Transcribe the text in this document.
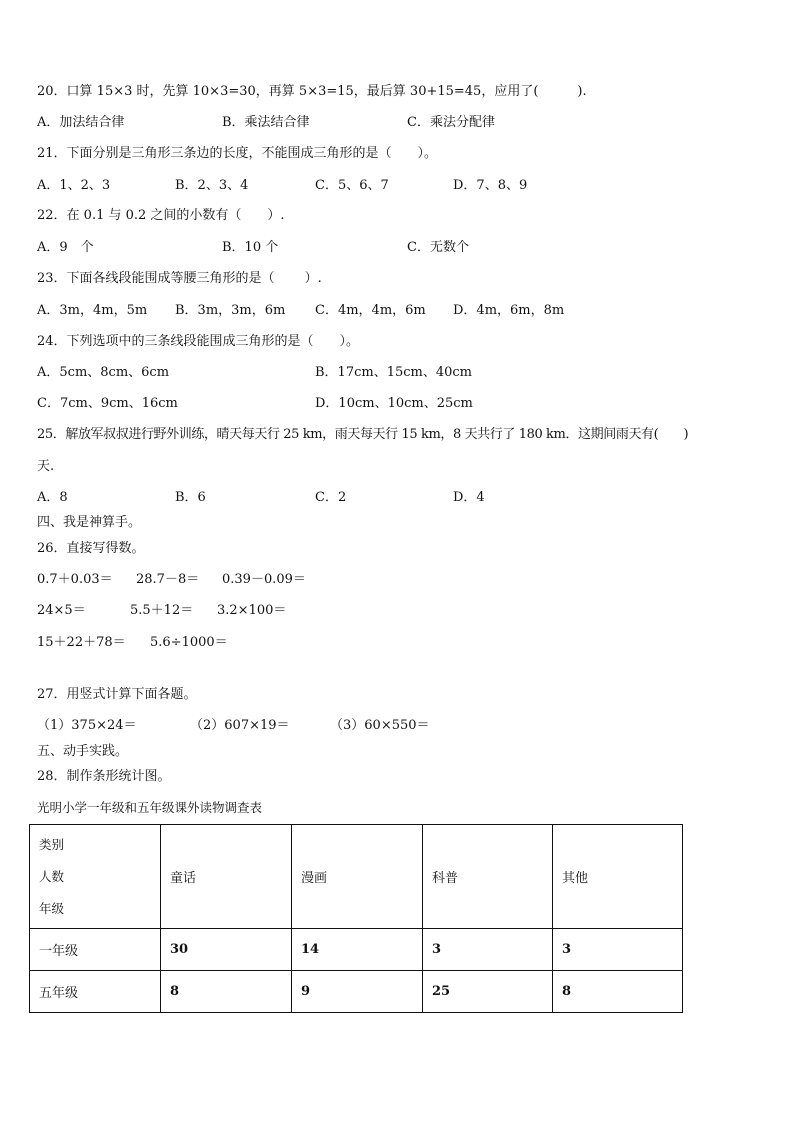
20．口算 15×3 时，先算 10×3=30，再算 5×3=15，最后算 30+15=45，应用了(　　　).
A．加法结合律	B．乘法结合律	C．乘法分配律
21．下面分别是三角形三条边的长度，不能围成三角形的是（　　）。
A．1、2、3	B．2、3、4	C．5、6、7	D．7、8、9
22．在 0.1 与 0.2 之间的小数有（　　）.
A．9　个	B．10 个	C．无数个
23．下面各线段能围成等腰三角形的是（　　 ）.
A．3m，4m，5m B．3m，3m，6m C．4m，4m，6m D．4m，6m，8m
24．下列选项中的三条线段能围成三角形的是（　　）。
A．5cm、8cm、6cm	B．17cm、15cm、40cm
C．7cm、9cm、16cm	D．10cm、10cm、25cm
25．解放军叔叔进行野外训练，晴天每天行 25 km，雨天每天行 15 km，8 天共行了 180 km．这期间雨天有(　　)
天.
A．8	B．6	C．2	D．4
四、我是神算手。
26．直接写得数。
0.7＋0.03＝ 28.7－8＝ 0.39－0.09＝
24×5＝	5.5＋12＝ 3.2×100＝
15＋22＋78＝ 5.6÷1000＝
27．用竖式计算下面各题。
（1）375×24＝	（2）607×19＝	（3）60×550＝
五、动手实践。
28．制作条形统计图。
光明小学一年级和五年级课外读物调查表
类别
人数
年级	童话	漫画	科普	其他
一年级	30	14	3	3
五年级	8	9	25	8
